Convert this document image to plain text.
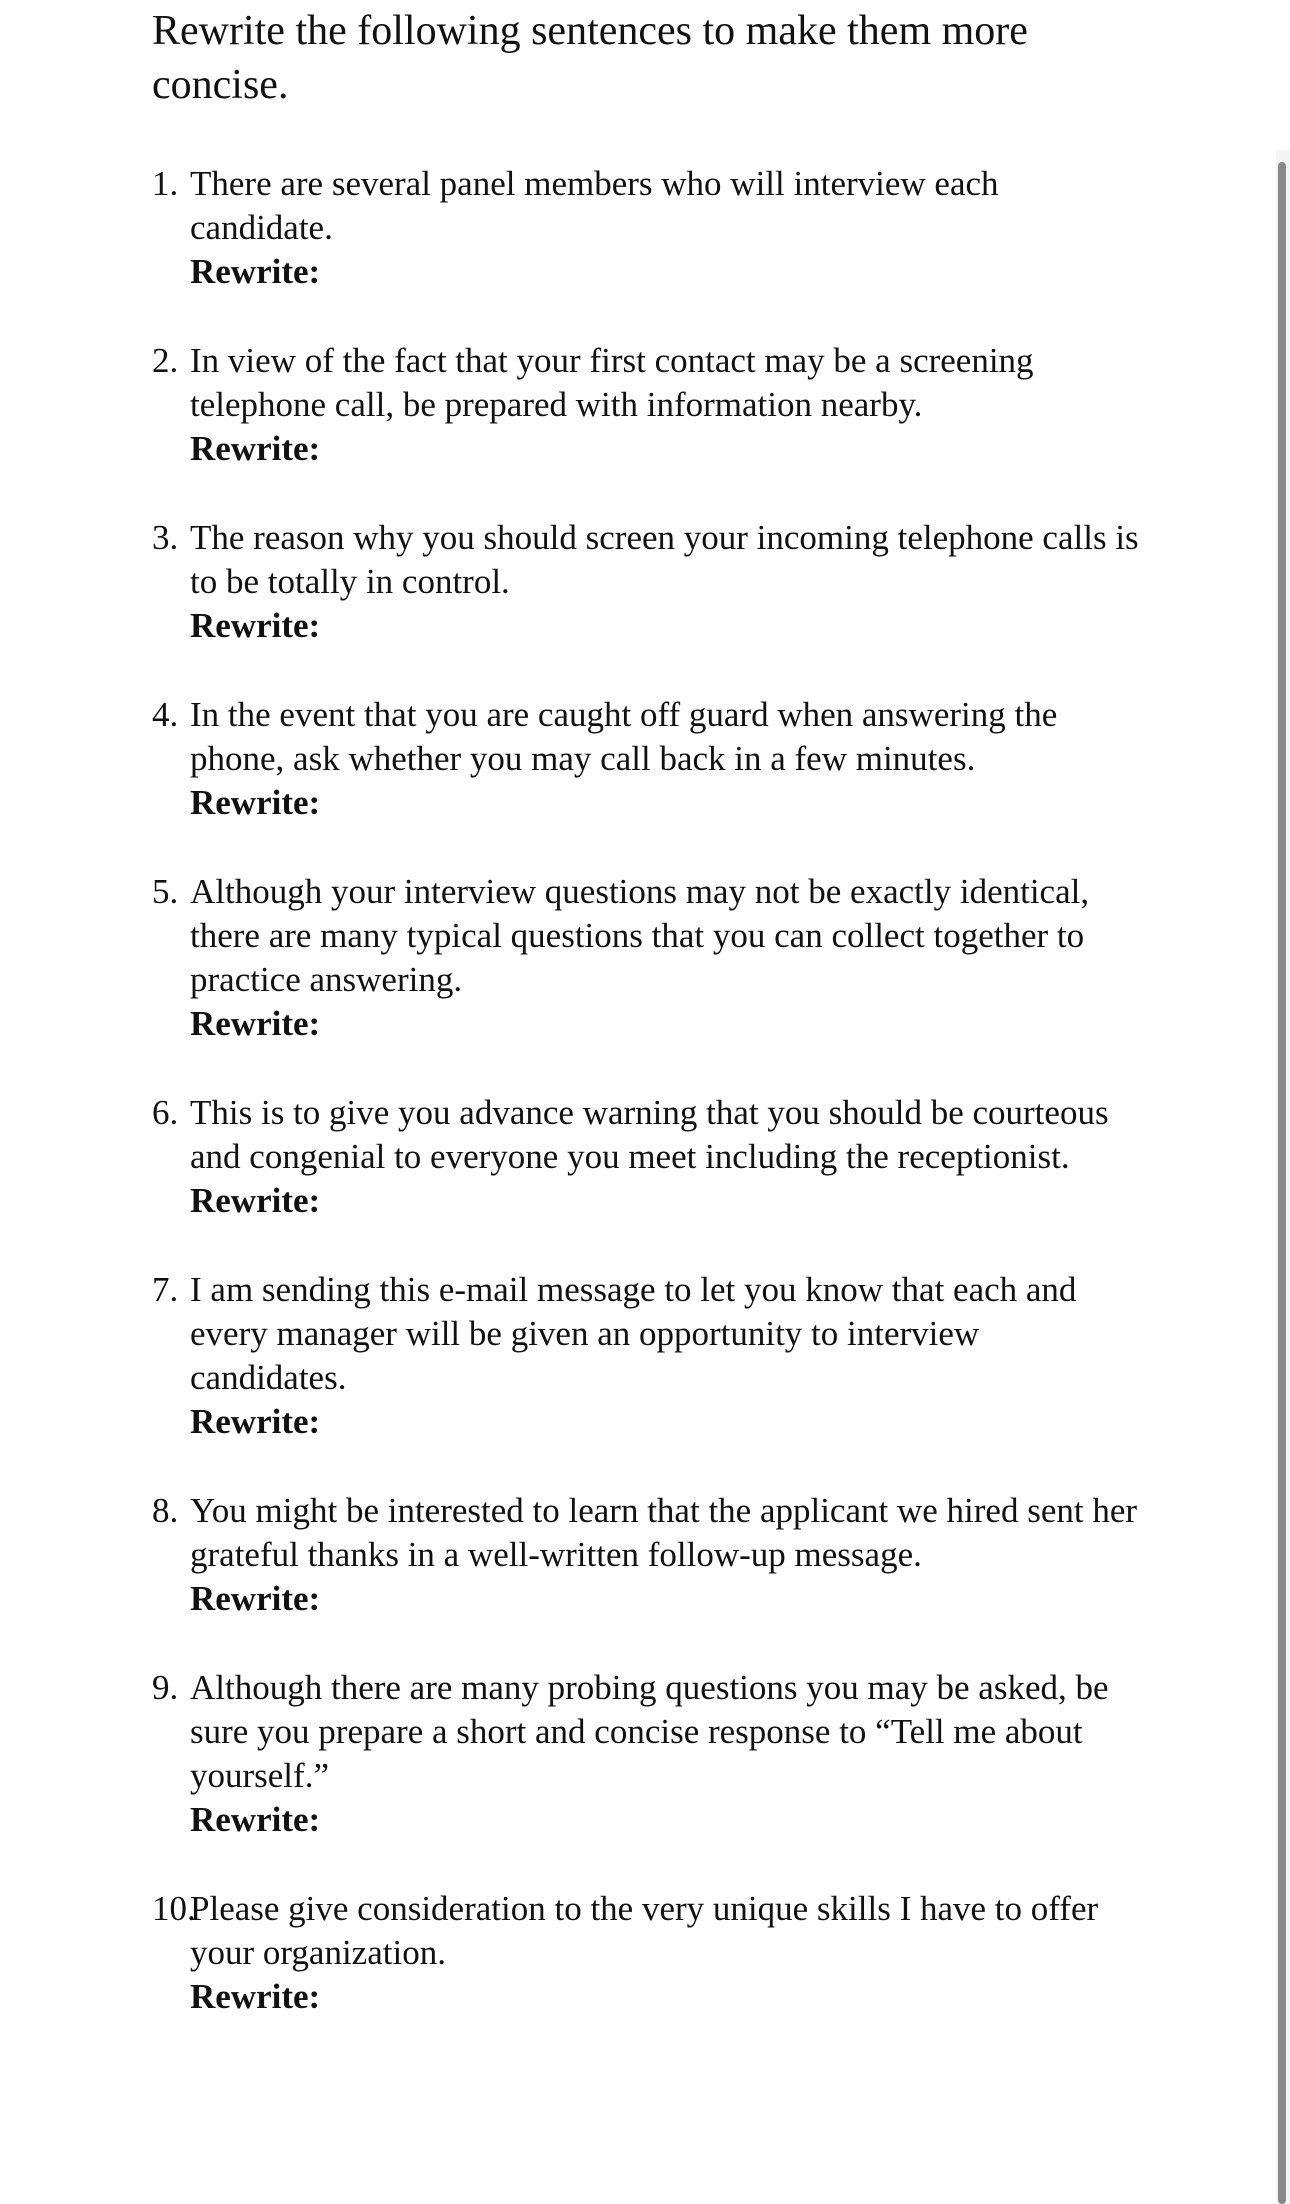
Rewrite the following sentences to make them more concise.
1. There are several panel members who will interview each candidate.
Rewrite:
2. In view of the fact that your first contact may be a screening telephone call, be prepared with information nearby.
Rewrite:
3. The reason why you should screen your incoming telephone calls is to be totally in control.
Rewrite:
4. In the event that you are caught off guard when answering the phone, ask whether you may call back in a few minutes.
Rewrite:
5. Although your interview questions may not be exactly identical, there are many typical questions that you can collect together to practice answering.
Rewrite:
6. This is to give you advance warning that you should be courteous and congenial to everyone you meet including the receptionist.
Rewrite:
7. I am sending this e-mail message to let you know that each and every manager will be given an opportunity to interview candidates.
Rewrite:
8. You might be interested to learn that the applicant we hired sent her grateful thanks in a well-written follow-up message.
Rewrite:
9. Although there are many probing questions you may be asked, be sure you prepare a short and concise response to “Tell me about yourself.”
Rewrite:
10.
Please give consideration to the very unique skills I have to offer your organization.
Rewrite:
